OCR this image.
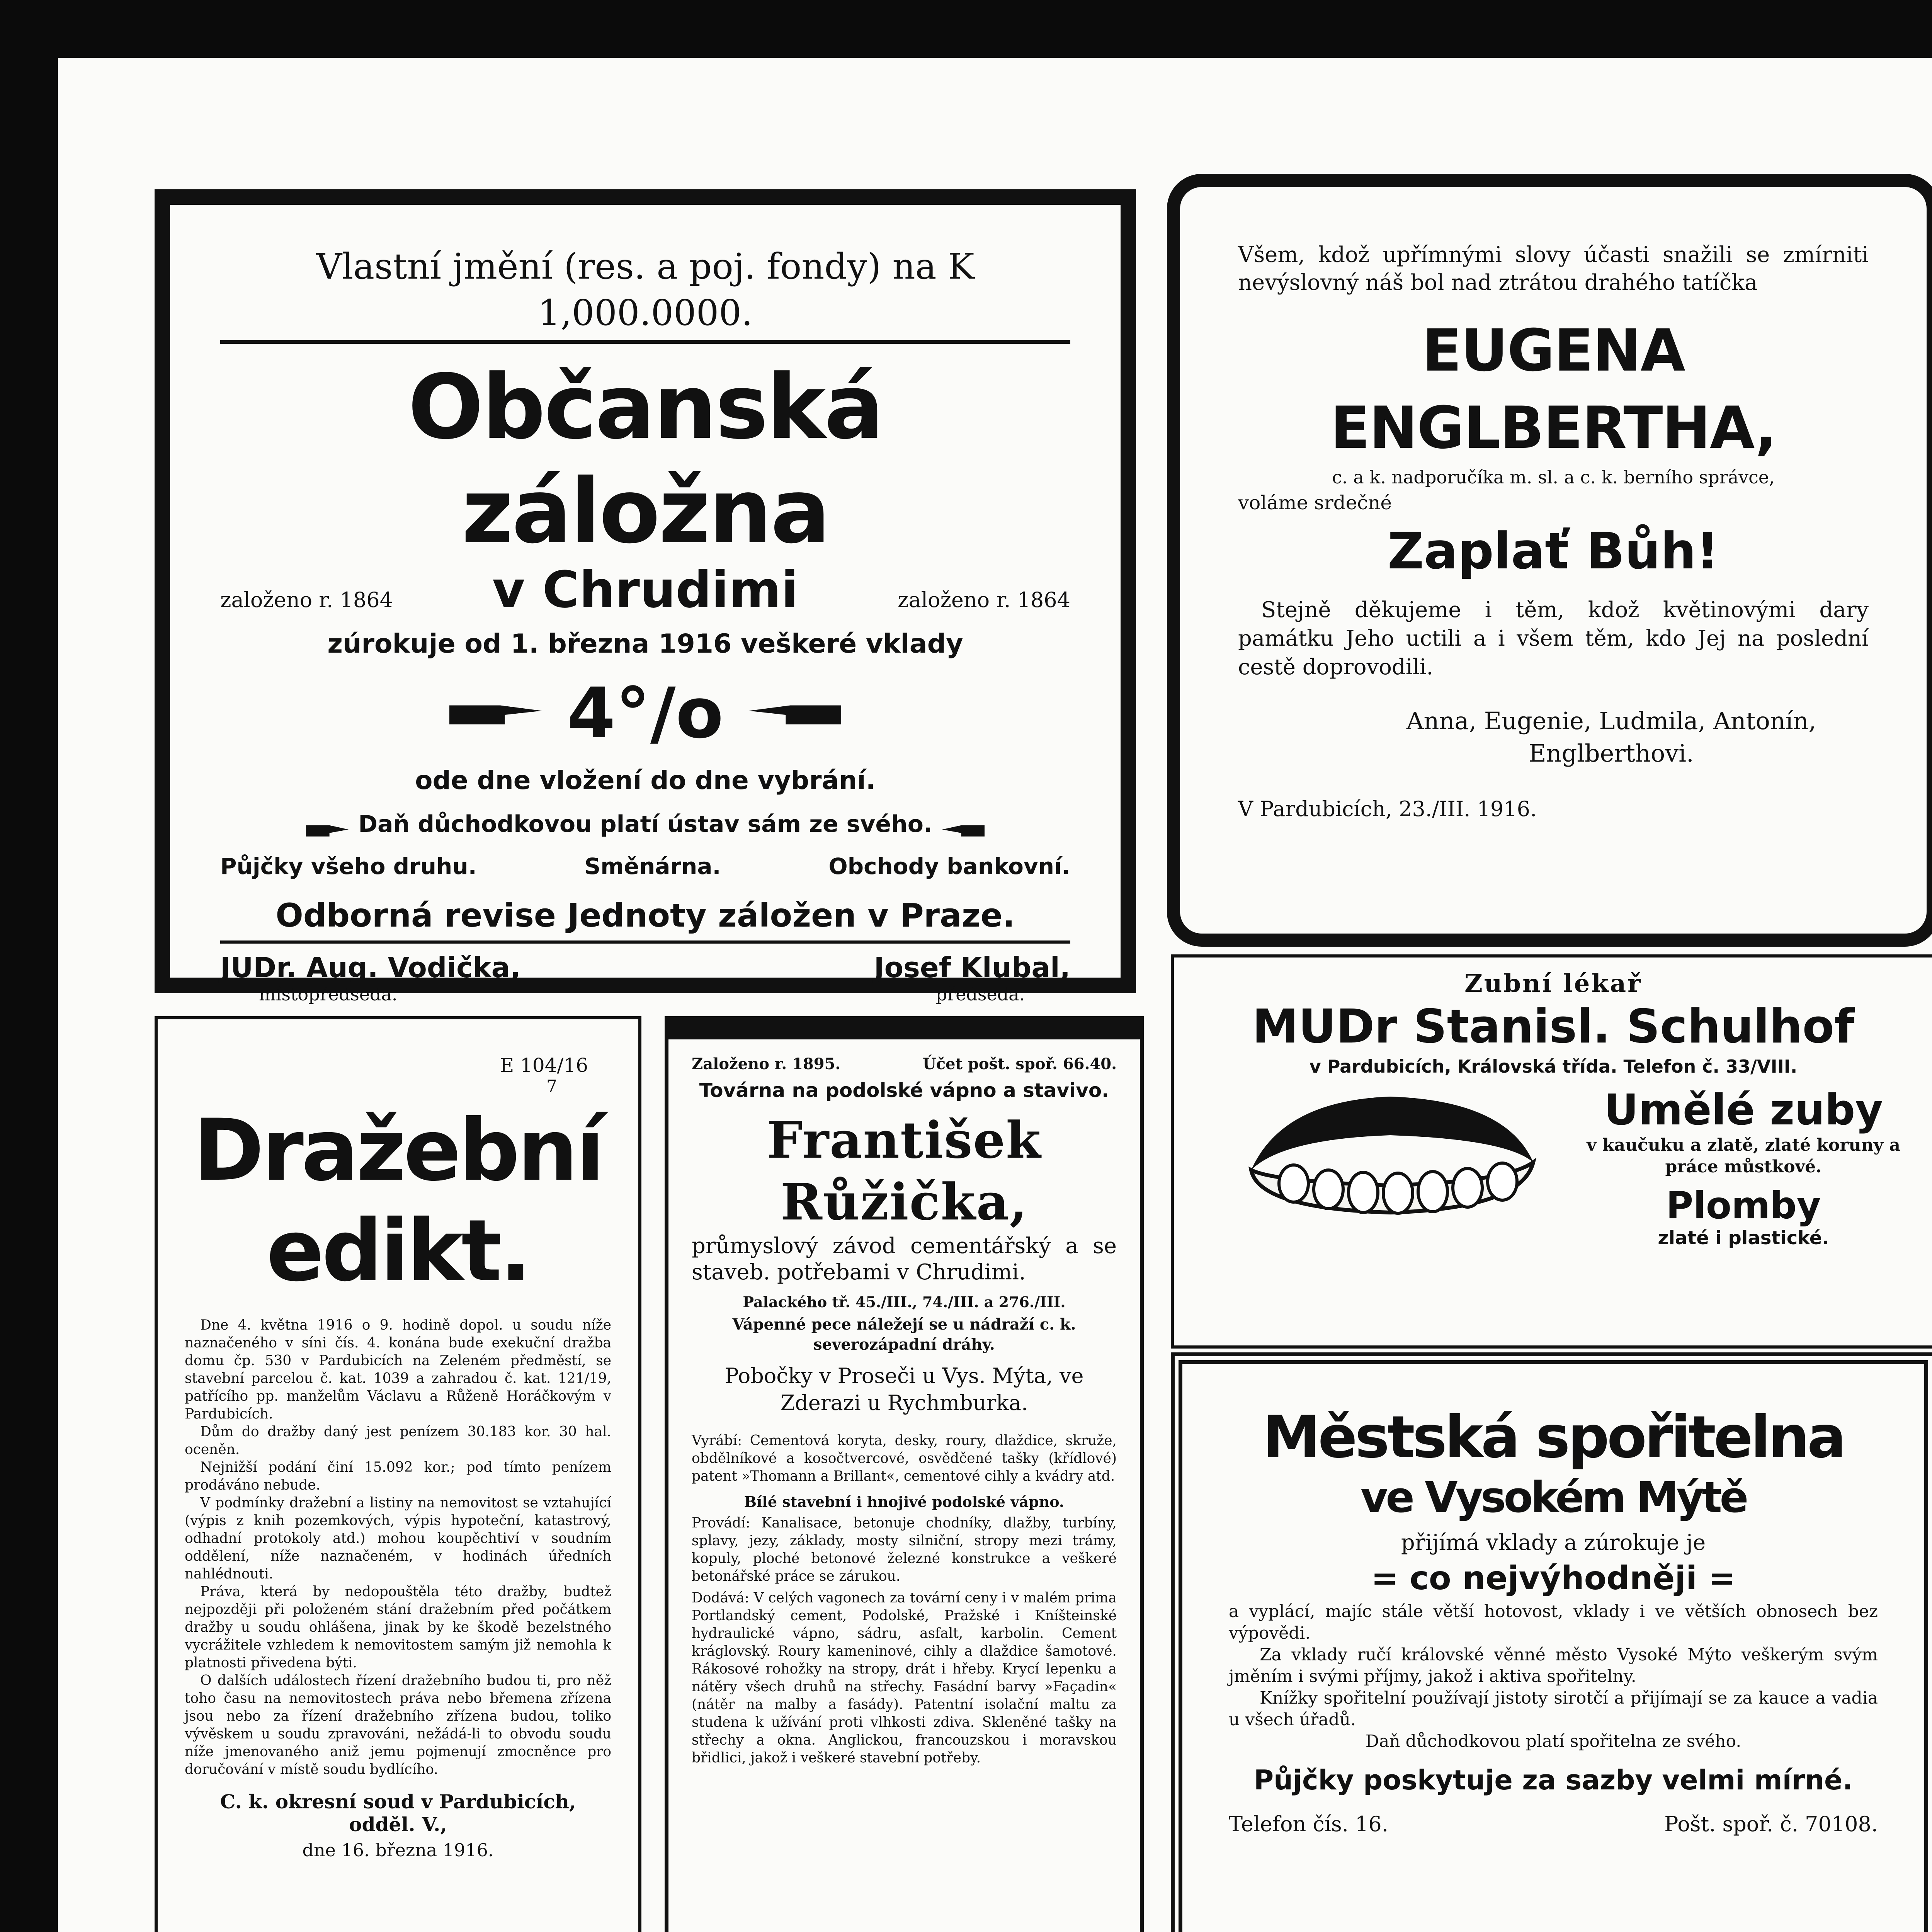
Vlastní jmění (res. a poj. fondy) na K 1,000.0000.

Občanská záložna

založeno r. 1864 v Chrudimi	založeno r. 1864

zúrokuje od 1. března 1916 veškeré vklady

4°/o

ode dne vložení do dne vybrání.

Daň důchodkovou platí ústav sám ze svého.
Půjčky všeho druhu.	Směnárna.	Obchody bankovní.

Odborná revise Jednoty záložen v Praze.

JUDr. Aug. Vodička,

místopředseda.

Josef Klubal,

předseda.

Všem, kdož upřímnými slovy účasti snažili se zmírniti nevýslovný náš bol nad ztrátou drahého tatíčka

EUGENA ENGLBERTHA,

c. a k. nadporučíka m. sl. a c. k. berního správce,

voláme srdečné

Zaplať Bůh!

Stejně děkujeme i těm, kdož květinovými dary památku Jeho uctili a i všem těm, kdo Jej na poslední cestě doprovodili.

Anna, Eugenie, Ludmila, Antonín, Englberthovi.

V Pardubicích, 23./III. 1916.

E 104/16

7

Dražební edikt.

Dne 4. května 1916 o 9. hodině dopol. u soudu níže naznačeného v síni čís. 4. konána bude exekuční dražba domu čp. 530 v Pardubicích na Zeleném předměstí, se stavební parcelou č. kat. 1039 a zahradou č. kat. 121/19, patřícího pp. manželům Václavu a Růženě Horáčkovým v Pardubicích.

Dům do dražby daný jest penízem 30.183 kor. 30 hal. oceněn.

Nejnižší podání činí 15.092 kor.; pod tímto penízem prodáváno nebude.

V podmínky dražební a listiny na nemovitost se vztahující (výpis z knih pozemkových, výpis hypoteční, katastrový, odhadní protokoly atd.) mohou koupěchtiví v soudním oddělení, níže naznačeném, v hodinách úředních nahlédnouti.

Práva, která by nedopouštěla této dražby, budtež nejpozději při položeném stání dražebním před počátkem dražby u soudu ohlášena, jinak by ke škodě bezelstného vycrážitele vzhledem k nemovitostem samým již nemohla k platnosti přivedena býti.

O dalších událostech řízení dražebního budou ti, pro něž toho času na nemovitostech práva nebo břemena zřízena jsou nebo za řízení dražebního zřízena budou, toliko vývěskem u soudu zpravováni, nežádá-li to obvodu soudu níže jmenovaného aniž jemu pojmenují zmocněnce pro doručování v místě soudu bydlícího.

C. k. okresní soud v Pardubicích, odděl. V.,

dne 16. března 1916.

Založeno r. 1895.	Účet pošt. spoř. 66.40.

Továrna na podolské vápno a stavivo.

František Růžička,

průmyslový závod cementářský a se staveb. potřebami v Chrudimi.

Palackého tř. 45./III., 74./III. a 276./III.

Vápenné pece náležejí se u nádraží c. k. severozápadní dráhy.

Pobočky v Proseči u Vys. Mýta, ve Zderazi u Rychmburka.

Vyrábí: Cementová koryta, desky, roury, dlaždice, skruže, obdělníkové a kosočtvercové, osvědčené tašky (křídlové) patent »Thomann a Brillant«, cementové cihly a kvádry atd.

Bílé stavební i hnojivé podolské vápno.

Provádí: Kanalisace, betonuje chodníky, dlažby, turbíny, splavy, jezy, základy, mosty silniční, stropy mezi trámy, kopuly, ploché betonové železné konstrukce a veškeré betonářské práce se zárukou.

Dodává: V celých vagonech za tovární ceny i v malém prima Portlandský cement, Podolské, Pražské i Kníšteinské hydraulické vápno, sádru, asfalt, karbolin. Cement kráglovský. Roury kameninové, cihly a dlaždice šamotové. Rákosové rohožky na stropy, drát i hřeby. Krycí lepenku a nátěry všech druhů na střechy. Fasádní barvy »Façadin« (nátěr na malby a fasády). Patentní isolační maltu za studena k užívání proti vlhkosti zdiva. Skleněné tašky na střechy a okna. Anglickou, francouzskou i moravskou břidlici, jakož i veškeré stavební potřeby.

Zubní lékař

MUDr Stanisl. Schulhof

v Pardubicích, Královská třída. Telefon č. 33/VIII.

Umělé zuby

v kaučuku a zlatě, zlaté koruny a práce můstkové.

Plomby

zlaté i plastické.

Městská spořitelna

ve Vysokém Mýtě

přijímá vklady a zúrokuje je

= co nejvýhodněji =

a vyplácí, majíc stále větší hotovost, vklady i ve větších obnosech bez výpovědi.

Za vklady ručí královské věnné město Vysoké Mýto veškerým svým jměním i svými příjmy, jakož i aktiva spořitelny.

Knížky spořitelní používají jistoty sirotčí a přijímají se za kauce a vadia u všech úřadů.

Daň důchodkovou platí spořitelna ze svého.

Půjčky poskytuje za sazby velmi mírné.

Telefon čís. 16.	Pošt. spoř. č. 70108.
